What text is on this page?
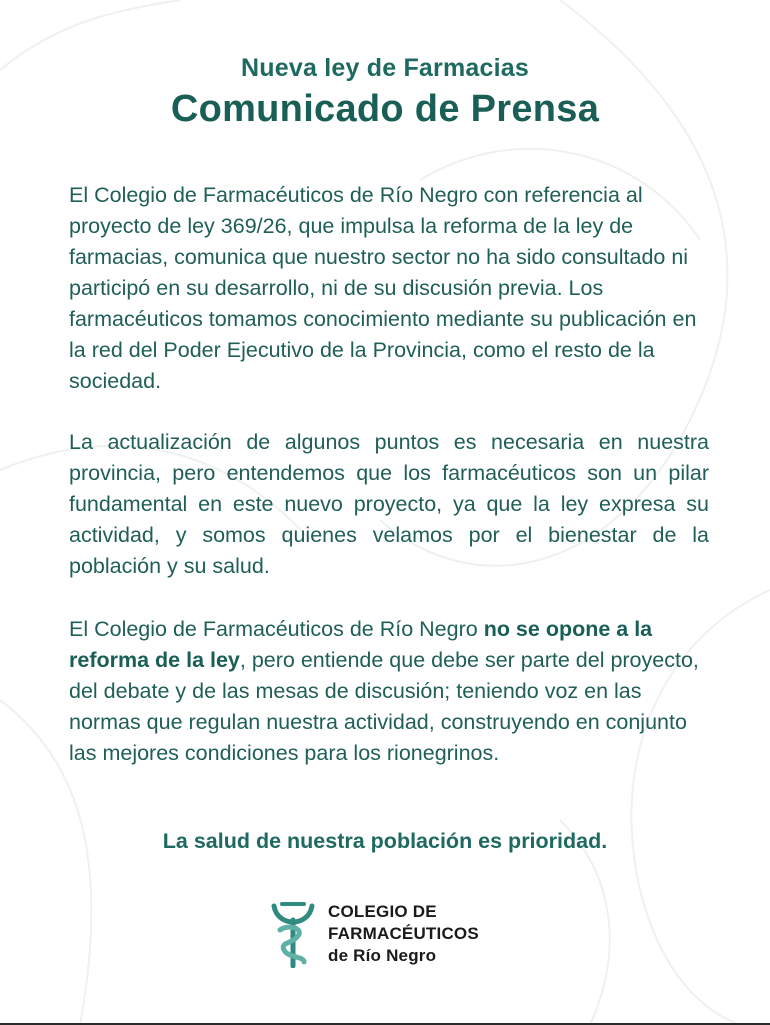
Nueva ley de Farmacias
Comunicado de Prensa
El Colegio de Farmacéuticos de Río Negro con referencia al proyecto de ley 369/26, que impulsa la reforma de la ley de farmacias, comunica que nuestro sector no ha sido consultado ni participó en su desarrollo, ni de su discusión previa. Los farmacéuticos tomamos conocimiento mediante su publicación en la red del Poder Ejecutivo de la Provincia, como el resto de la sociedad.
La actualización de algunos puntos es necesaria en nuestra provincia, pero entendemos que los farmacéuticos son un pilar fundamental en este nuevo proyecto, ya que la ley expresa su actividad, y somos quienes velamos por el bienestar de la población y su salud.
El Colegio de Farmacéuticos de Río Negro no se opone a la reforma de la ley, pero entiende que debe ser parte del proyecto, del debate y de las mesas de discusión; teniendo voz en las normas que regulan nuestra actividad, construyendo en conjunto las mejores condiciones para los rionegrinos.
La salud de nuestra población es prioridad.
COLEGIO DE
FARMACÉUTICOS
de Río Negro
